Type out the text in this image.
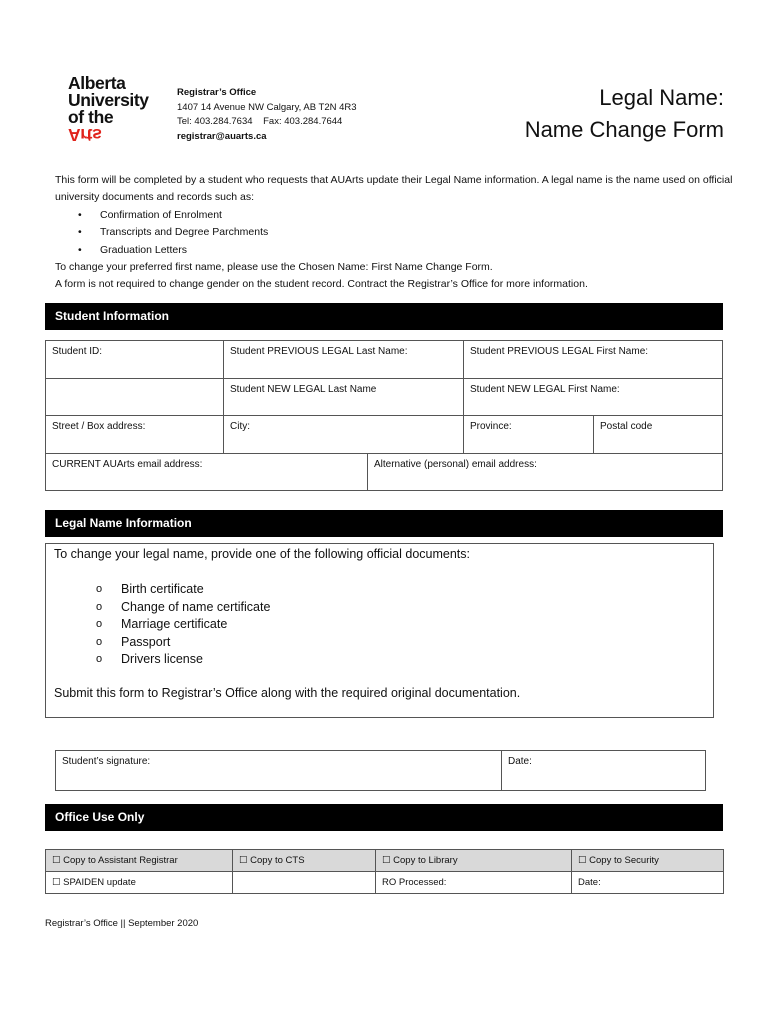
Alberta
University
of the
Arts
Registrar’s Office
1407 14 Avenue NW Calgary, AB T2N 4R3
Tel: 403.284.7634 Fax: 403.284.7644
registrar@auarts.ca
Legal Name:
Name Change Form

This form will be completed by a student who requests that AUArts update their Legal Name information. A legal name is the name used on official university documents and records such as:

• Confirmation of Enrolment
• Transcripts and Degree Parchments
• Graduation Letters

To change your preferred first name, please use the Chosen Name: First Name Change Form.

A form is not required to change gender on the student record. Contract the Registrar’s Office for more information.

Student Information
Student ID:	Student PREVIOUS LEGAL Last Name:	Student PREVIOUS LEGAL First Name:	
	Student NEW LEGAL Last Name	Student NEW LEGAL First Name:	
Street / Box address:	City:	Province:	Postal code
CURRENT AUArts email address:	Alternative (personal) email address:
Legal Name Information
To change your legal name, provide one of the following official documents:
o Birth certificate
o Change of name certificate
o Marriage certificate
o Passport
o Drivers license
Submit this form to Registrar’s Office along with the required original documentation.
Student’s signature:	Date:
Office Use Only
☐ Copy to Assistant Registrar	☐ Copy to CTS	☐ Copy to Library	☐ Copy to Security
☐ SPAIDEN update		RO Processed:	Date:
Registrar’s Office || September 2020
